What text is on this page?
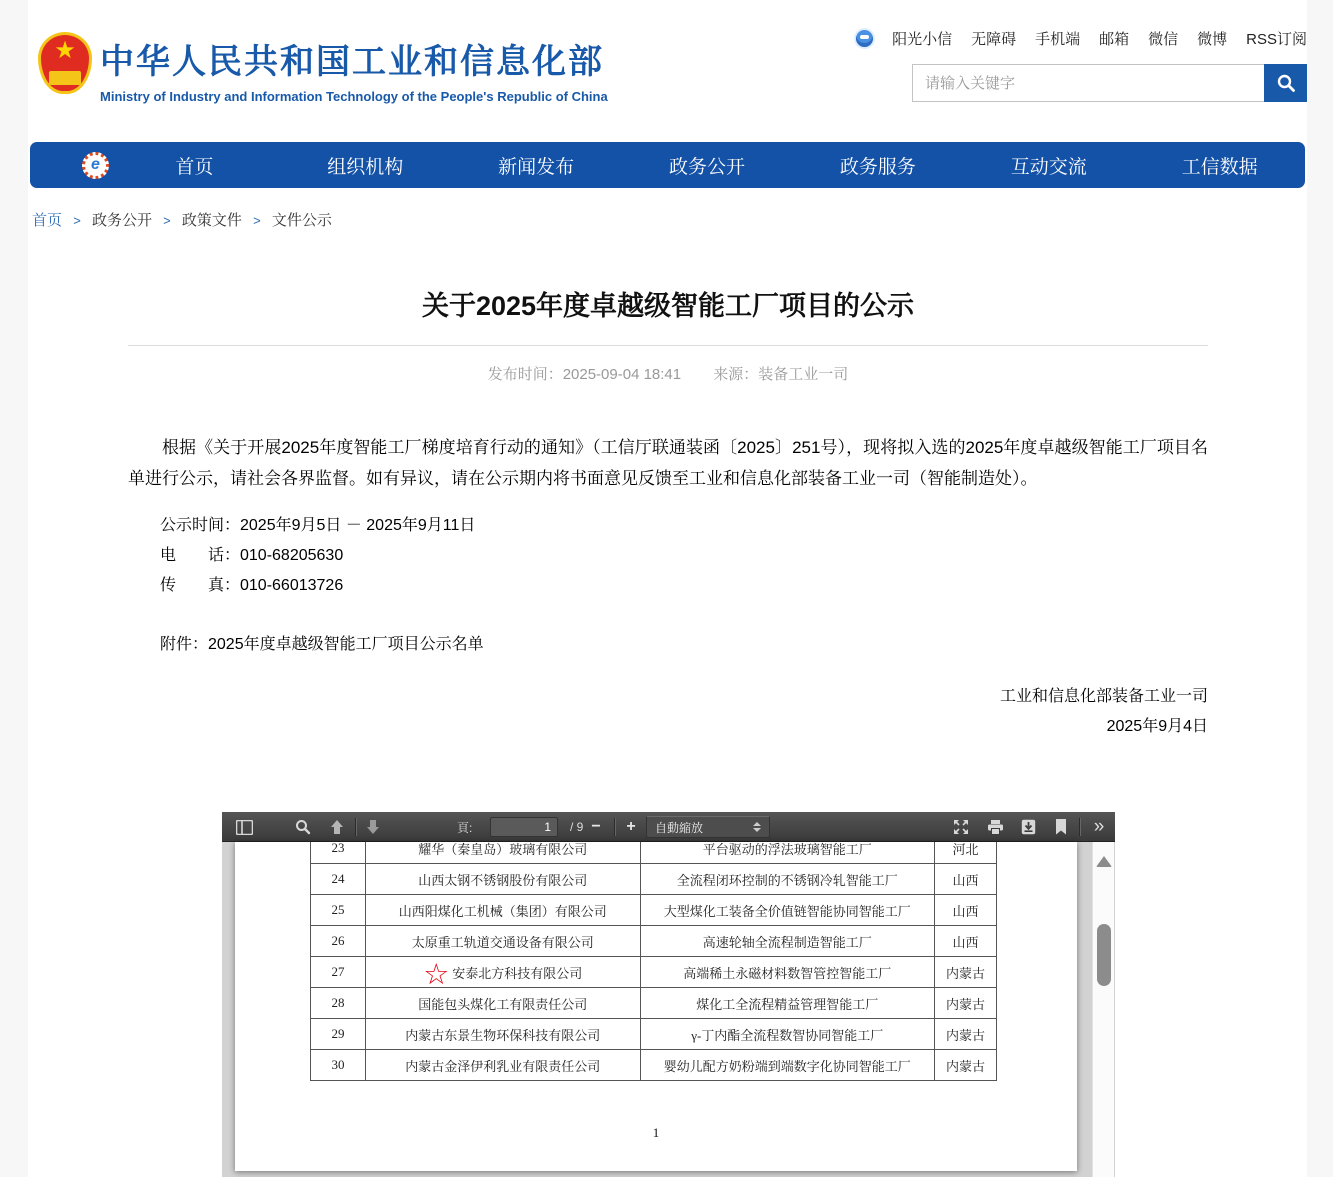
★ 中华人民共和国工业和信息化部
Ministry of Industry and Information Technology of the People's Republic of China
阳光小信 无障碍 手机端 邮箱 微信 微博 RSS订阅
请输入关键字
e	首页	组织机构	新闻发布	政务公开	政务服务	互动交流	工信数据
首页 > 政务公开 > 政策文件 > 文件公示
关于2025年度卓越级智能工厂项目的公示
发布时间：2025-09-04 18:41 来源：装备工业一司

根据《关于开展2025年度智能工厂梯度培育行动的通知》（工信厅联通装函〔2025〕251号），现将拟入选的2025年度卓越级智能工厂项目名单进行公示，请社会各界监督。如有异议，请在公示期内将书面意见反馈至工业和信息化部装备工业一司（智能制造处）。

公示时间：2025年9月5日 － 2025年9月11日
电　　话：010-68205630
传　　真：010-66013726
附件：2025年度卓越级智能工厂项目公示名单
工业和信息化部装备工业一司
2025年9月4日
頁:
1	/ 9 −	+	自動縮放	»
23	耀华（秦皇岛）玻璃有限公司	平台驱动的浮法玻璃智能工厂	河北
24	山西太钢不锈钢股份有限公司	全流程闭环控制的不锈钢冷轧智能工厂	山西
25	山西阳煤化工机械（集团）有限公司	大型煤化工装备全价值链智能协同智能工厂	山西
26	太原重工轨道交通设备有限公司	高速轮轴全流程制造智能工厂	山西
27	☆ 安泰北方科技有限公司	高端稀土永磁材料数智管控智能工厂	内蒙古
28	国能包头煤化工有限责任公司	煤化工全流程精益管理智能工厂	内蒙古
29	内蒙古东景生物环保科技有限公司	γ-丁内酯全流程数智协同智能工厂	内蒙古
30	内蒙古金泽伊利乳业有限责任公司	婴幼儿配方奶粉端到端数字化协同智能工厂	内蒙古
1
